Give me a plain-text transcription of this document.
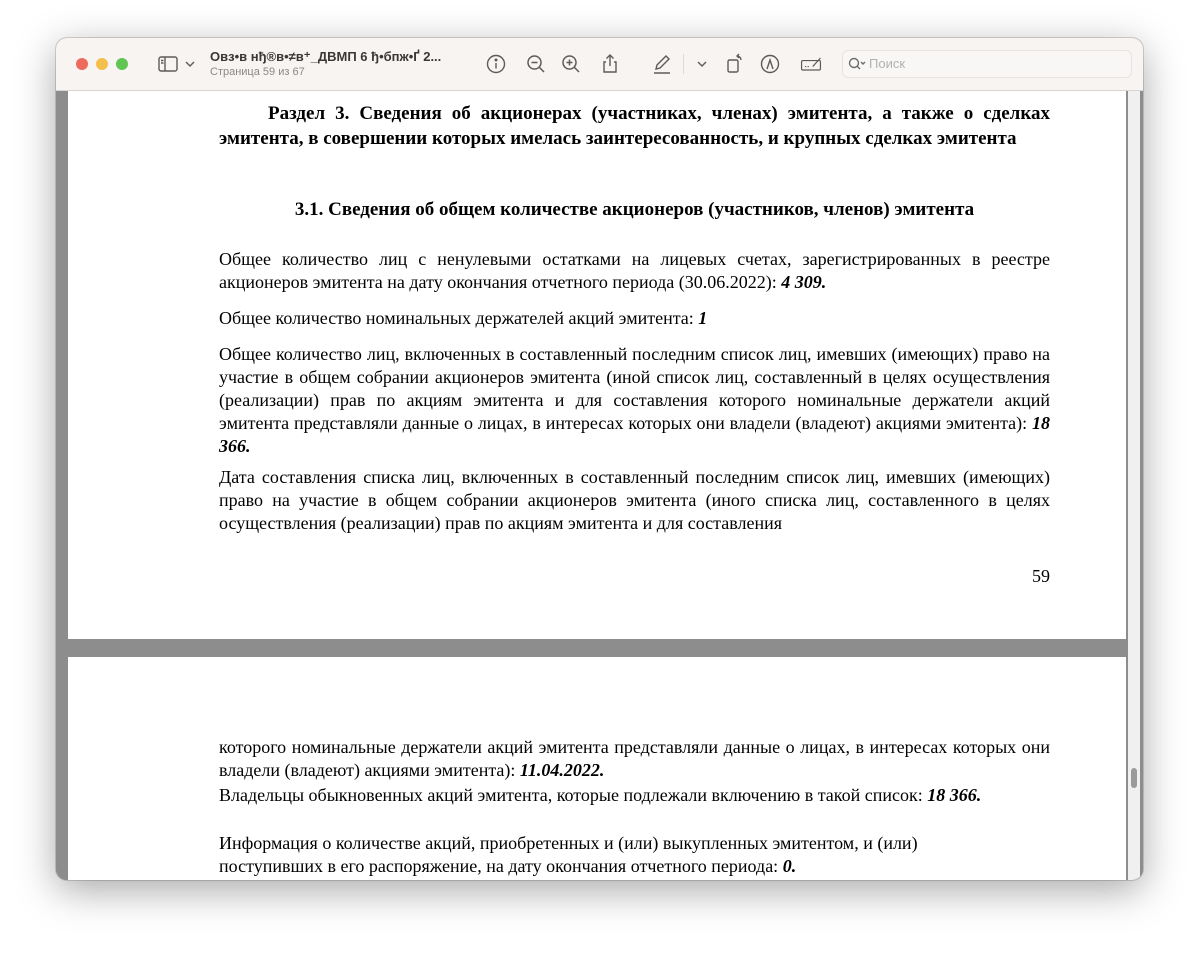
Овз•в нђ®в•≠в⁺_ДВМП 6 ђ•бпж•Ґ 2...
Страница 59 из 67
Поиск
Раздел 3. Сведения об акционерах (участниках, членах) эмитента, а также о сделках эмитента, в совершении которых имелась заинтересованность, и крупных сделках эмитента
3.1. Сведения об общем количестве акционеров (участников, членов) эмитента
Общее количество лиц с ненулевыми остатками на лицевых счетах, зарегистрированных в реестре акционеров эмитента на дату окончания отчетного периода (30.06.2022): 4 309.
Общее количество номинальных держателей акций эмитента: 1
Общее количество лиц, включенных в составленный последним список лиц, имевших (имеющих) право на участие в общем собрании акционеров эмитента (иной список лиц, составленный в целях осуществления (реализации) прав по акциям эмитента и для составления которого номинальные держатели акций эмитента представляли данные о лицах, в интересах которых они владели (владеют) акциями эмитента): 18 366.
Дата составления списка лиц, включенных в составленный последним список лиц, имевших (имеющих) право на участие в общем собрании акционеров эмитента (иного списка лиц, составленного в целях осуществления (реализации) прав по акциям эмитента и для составления
59
которого номинальные держатели акций эмитента представляли данные о лицах, в интересах которых они владели (владеют) акциями эмитента): 11.04.2022.
Владельцы обыкновенных акций эмитента, которые подлежали включению в такой список: 18 366.
Информация о количестве акций, приобретенных и (или) выкупленных эмитентом, и (или) поступивших в его распоряжение, на дату окончания отчетного периода: 0.
